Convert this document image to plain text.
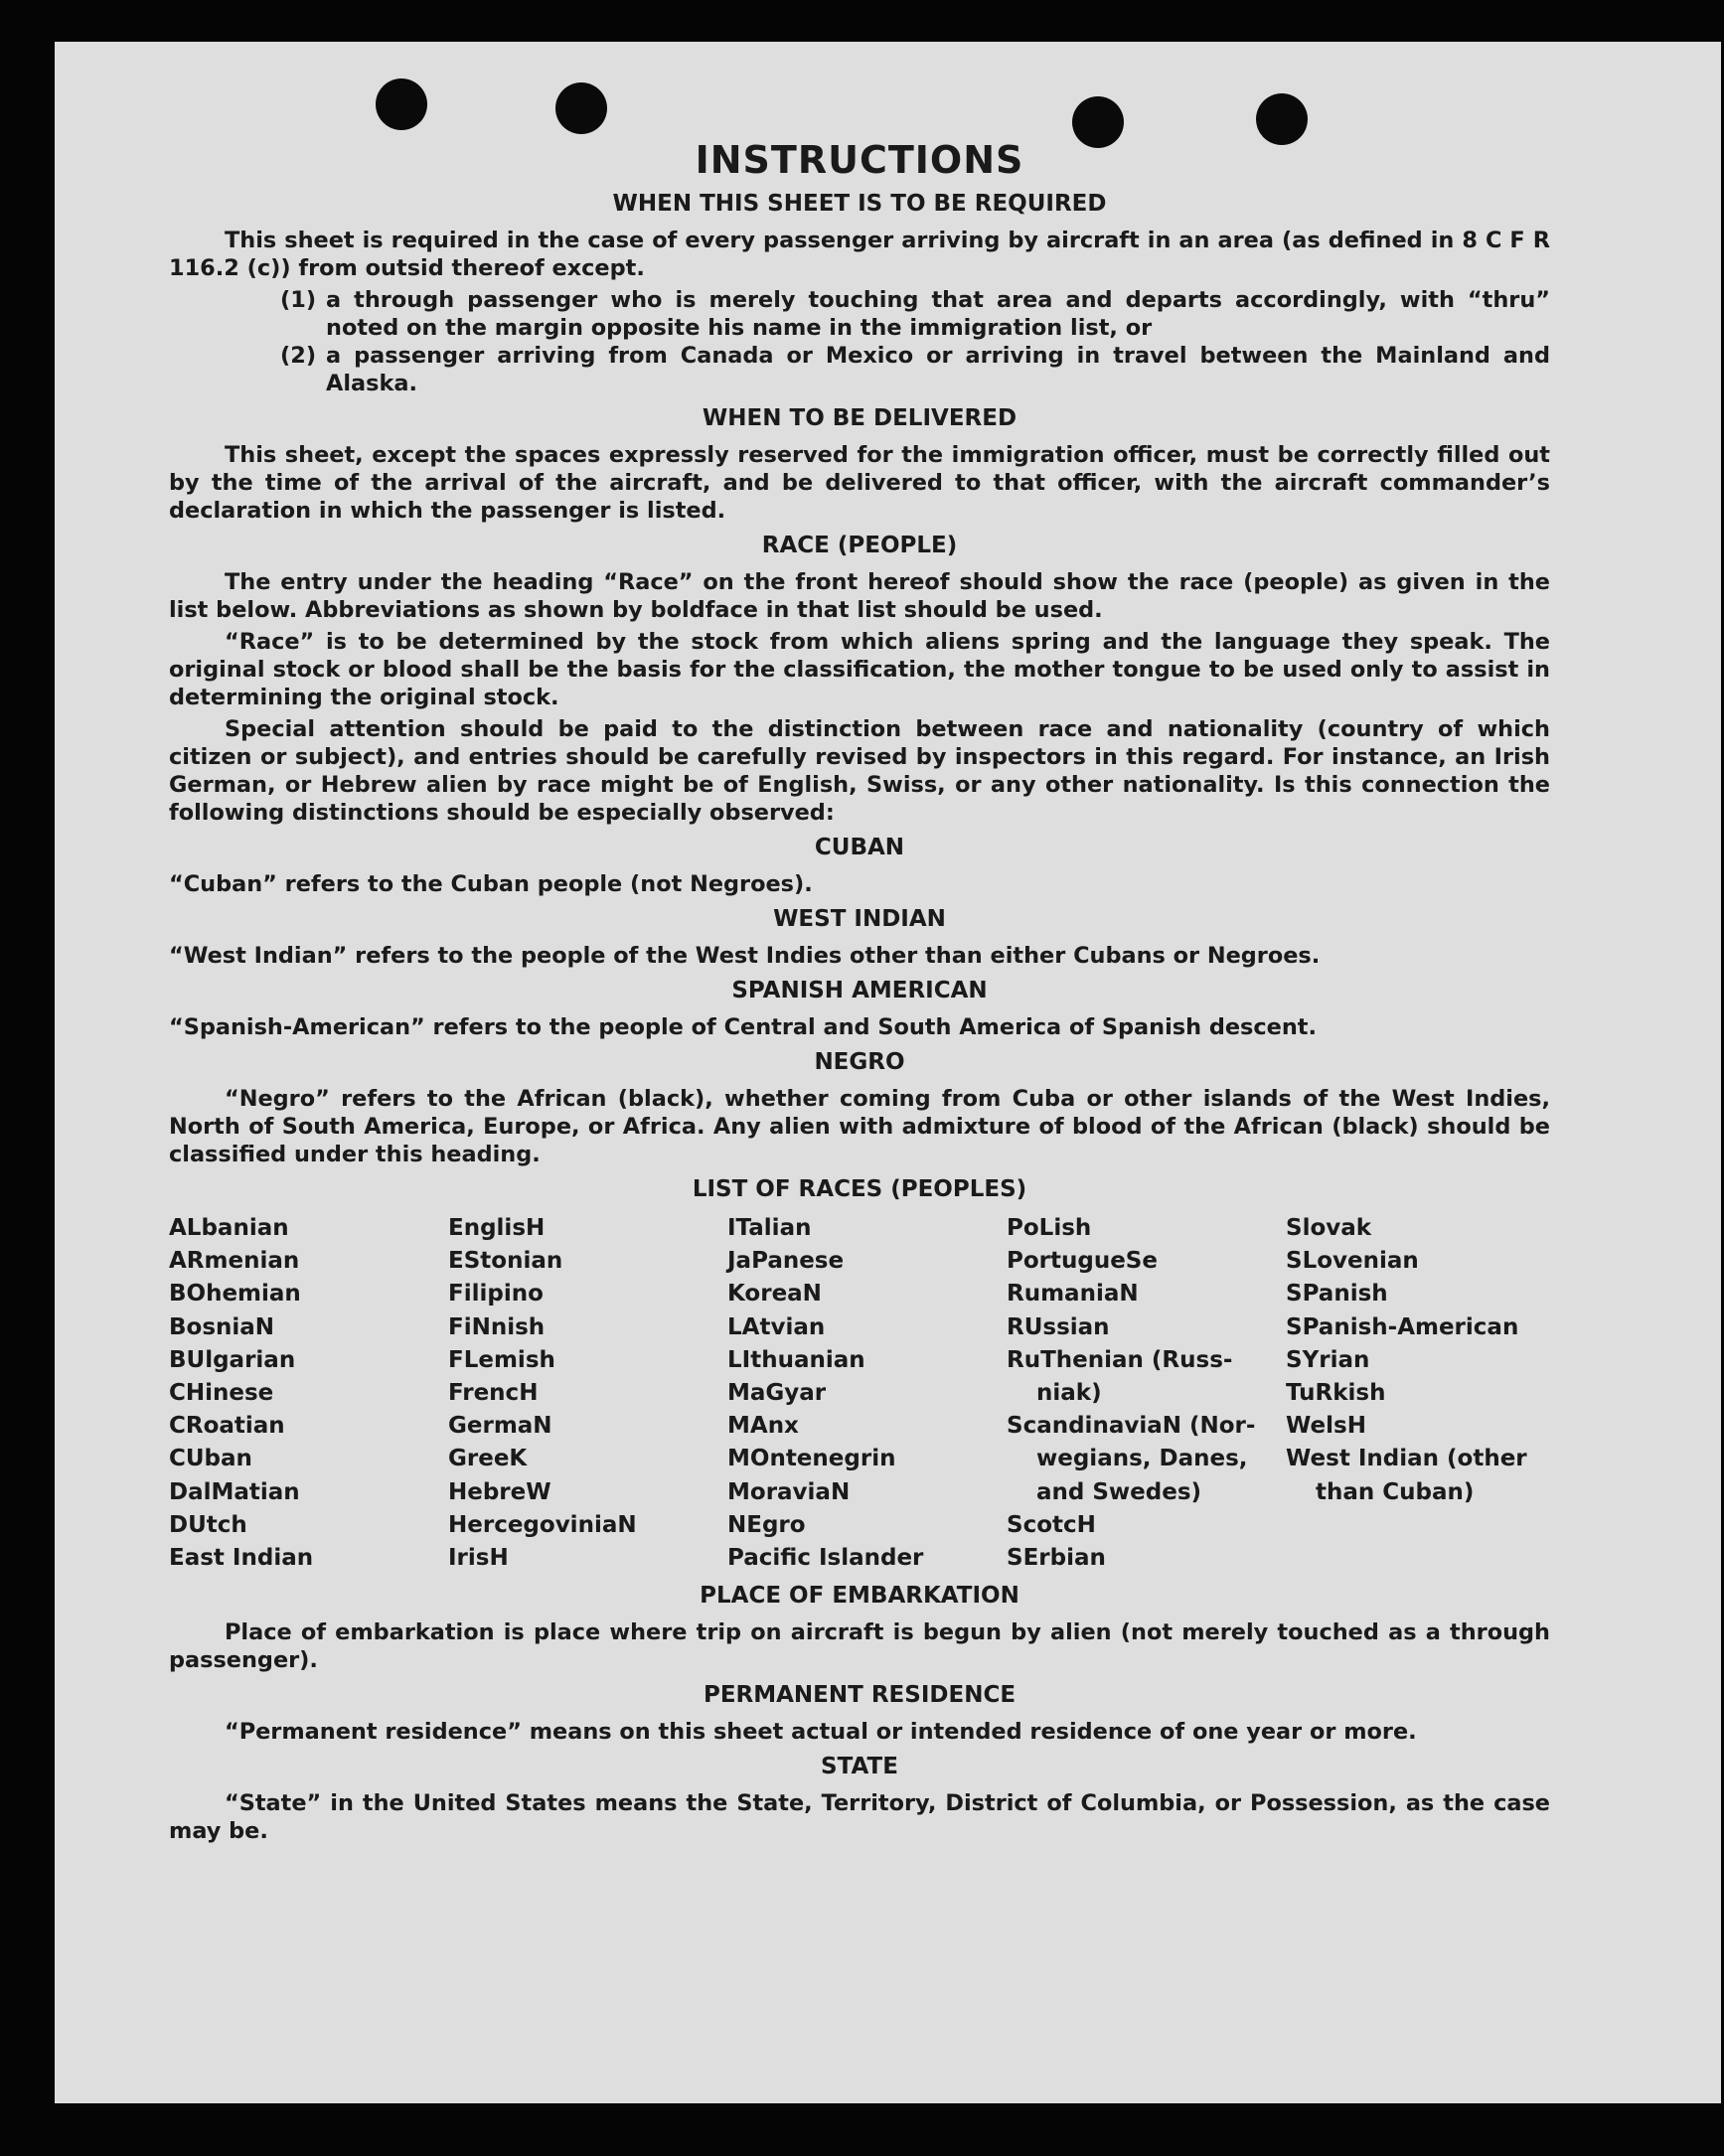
INSTRUCTIONS
WHEN THIS SHEET IS TO BE REQUIRED

This sheet is required in the case of every passenger arriving by aircraft in an area (as defined in 8 C F R 116.2 (c)) from outsid thereof except.

(1) a through passenger who is merely touching that area and departs accordingly, with “thru” noted on the margin opposite his name in the immigration list, or
(2) a passenger arriving from Canada or Mexico or arriving in travel between the Mainland and Alaska.
WHEN TO BE DELIVERED

This sheet, except the spaces expressly reserved for the immigration officer, must be correctly filled out by the time of the arrival of the aircraft, and be delivered to that officer, with the aircraft commander’s declaration in which the passenger is listed.

RACE (PEOPLE)

The entry under the heading “Race” on the front hereof should show the race (people) as given in the list below. Abbreviations as shown by boldface in that list should be used.

“Race” is to be determined by the stock from which aliens spring and the language they speak. The original stock or blood shall be the basis for the classification, the mother tongue to be used only to assist in determining the original stock.

Special attention should be paid to the distinction between race and nationality (country of which citizen or subject), and entries should be carefully revised by inspectors in this regard. For instance, an Irish German, or Hebrew alien by race might be of English, Swiss, or any other nationality. Is this connection the following distinctions should be especially observed:

CUBAN

“Cuban” refers to the Cuban people (not Negroes).

WEST INDIAN

“West Indian” refers to the people of the West Indies other than either Cubans or Negroes.

SPANISH AMERICAN

“Spanish-American” refers to the people of Central and South America of Spanish descent.

NEGRO

“Negro” refers to the African (black), whether coming from Cuba or other islands of the West Indies, North of South America, Europe, or Africa. Any alien with admixture of blood of the African (black) should be classified under this heading.

LIST OF RACES (PEOPLES)
ALbanian
ARmenian
BOhemian
BosniaN
BUlgarian
CHinese
CRoatian
CUban
DalMatian
DUtch
East Indian
EnglisH
EStonian
Filipino
FiNnish
FLemish
FrencH
GermaN
GreeK
HebreW
HercegoviniaN
IrisH
ITalian
JaPanese
KoreaN
LAtvian
LIthuanian
MaGyar
MAnx
MOntenegrin
MoraviaN
NEgro
Pacific Islander
PoLish
PortugueSe
RumaniaN
RUssian
RuThenian (Russ-
niak)
ScandinaviaN (Nor-
wegians, Danes,
and Swedes)
ScotcH
SErbian
Slovak
SLovenian
SPanish
SPanish-American
SYrian
TuRkish
WelsH
West Indian (other
than Cuban)
PLACE OF EMBARKATION

Place of embarkation is place where trip on aircraft is begun by alien (not merely touched as a through passenger).

PERMANENT RESIDENCE

“Permanent residence” means on this sheet actual or intended residence of one year or more.

STATE

“State” in the United States means the State, Territory, District of Columbia, or Possession, as the case may be.
